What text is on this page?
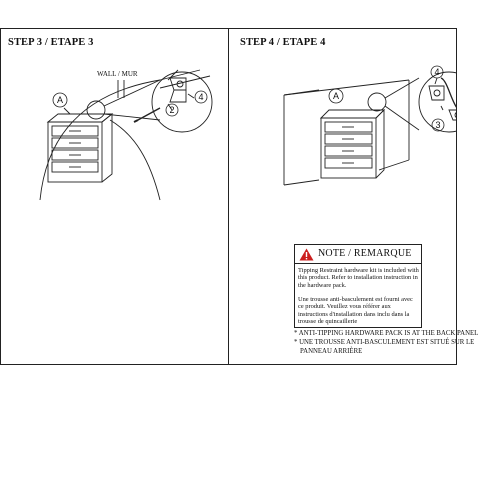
STEP 3 / ETAPE 3	STEP 4 / ETAPE 4
A
2
4
WALL / MUR
A
4
3
NOTE / REMARQUE
Tipping Restraint hardware kit is included with this product. Refer to installation instruction in the hardware pack.
Une trousse anti-basculement est fourni avec ce produit. Veuillez vous référer aux instructions d'installation dans inclu dans la trousse de quincaillerie
* ANTI-TIPPING HARDWARE PACK IS AT THE BACK PANEL
* UNE TROUSSE ANTI-BASCULEMENT EST SITUÉ SUR LE
PANNEAU ARRIÈRE
